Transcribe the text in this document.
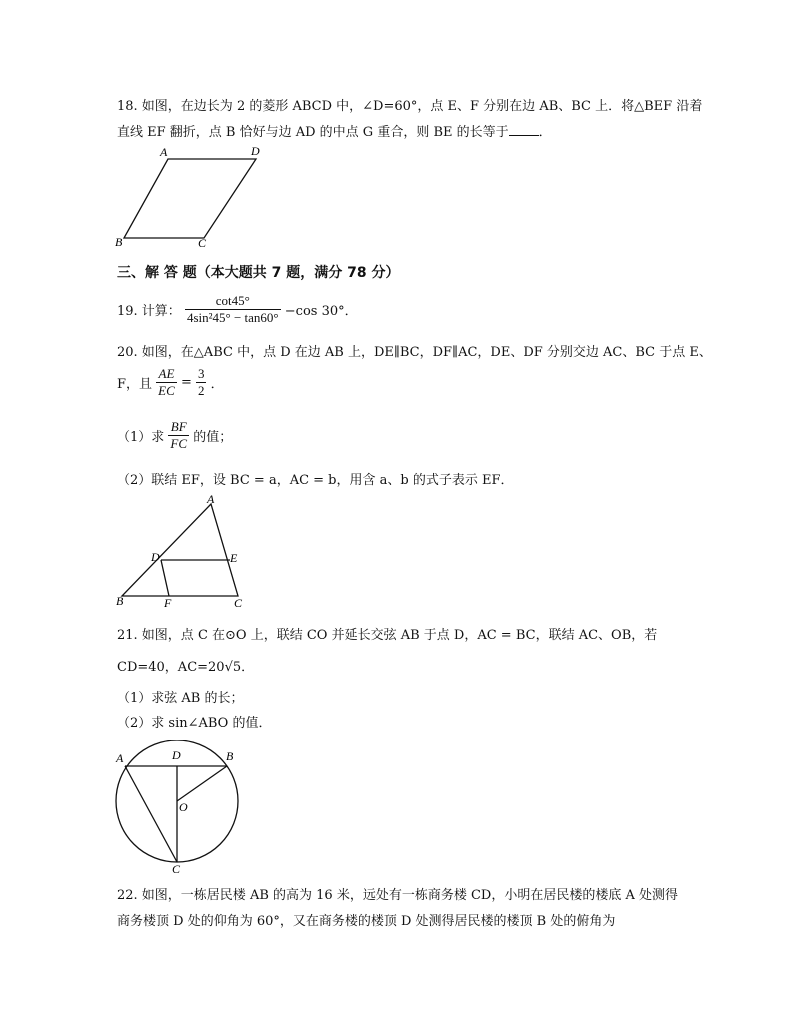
18. 如图，在边长为 2 的菱形 ABCD 中，∠D=60°，点 E、F 分别在边 AB、BC 上．将△BEF 沿着
直线 EF 翻折，点 B 恰好与边 AD 的中点 G 重合，则 BE 的长等于 ．
A	D
B	C
三、解 答 题（本大题共 7 题，满分 78 分）
19. 计算： $\frac{\cot 45^\circ}{\text{4sin²45° − tan60°}} -\cos$ 30°．
20. 如图，在△ABC 中，点 D 在边 AB 上，DE∥BC，DF∥AC，DE、DF 分别交边 AC、BC 于点 E、
F，且 $\frac{AE}{EC} = \frac{3}{2}$ ．
（1）求 $\frac{BF}{FC}$ 的值；
（2）联结 EF，设 BC = a，AC = b，用含 a、b 的式子表示 EF．
A
D	E
B	F	C
21. 如图，点 C 在⊙O 上，联结 CO 并延长交弦 AB 于点 D，AC = BC，联结 AC、OB，若
CD=40，AC=20√5．
（1）求弦 AB 的长；
（2）求 sin∠ABO 的值．
A	D	B
O
C
22. 如图，一栋居民楼 AB 的高为 16 米，远处有一栋商务楼 CD，小明在居民楼的楼底 A 处测得
商务楼顶 D 处的仰角为 60°，又在商务楼的楼顶 D 处测得居民楼的楼顶 B 处的俯角为
